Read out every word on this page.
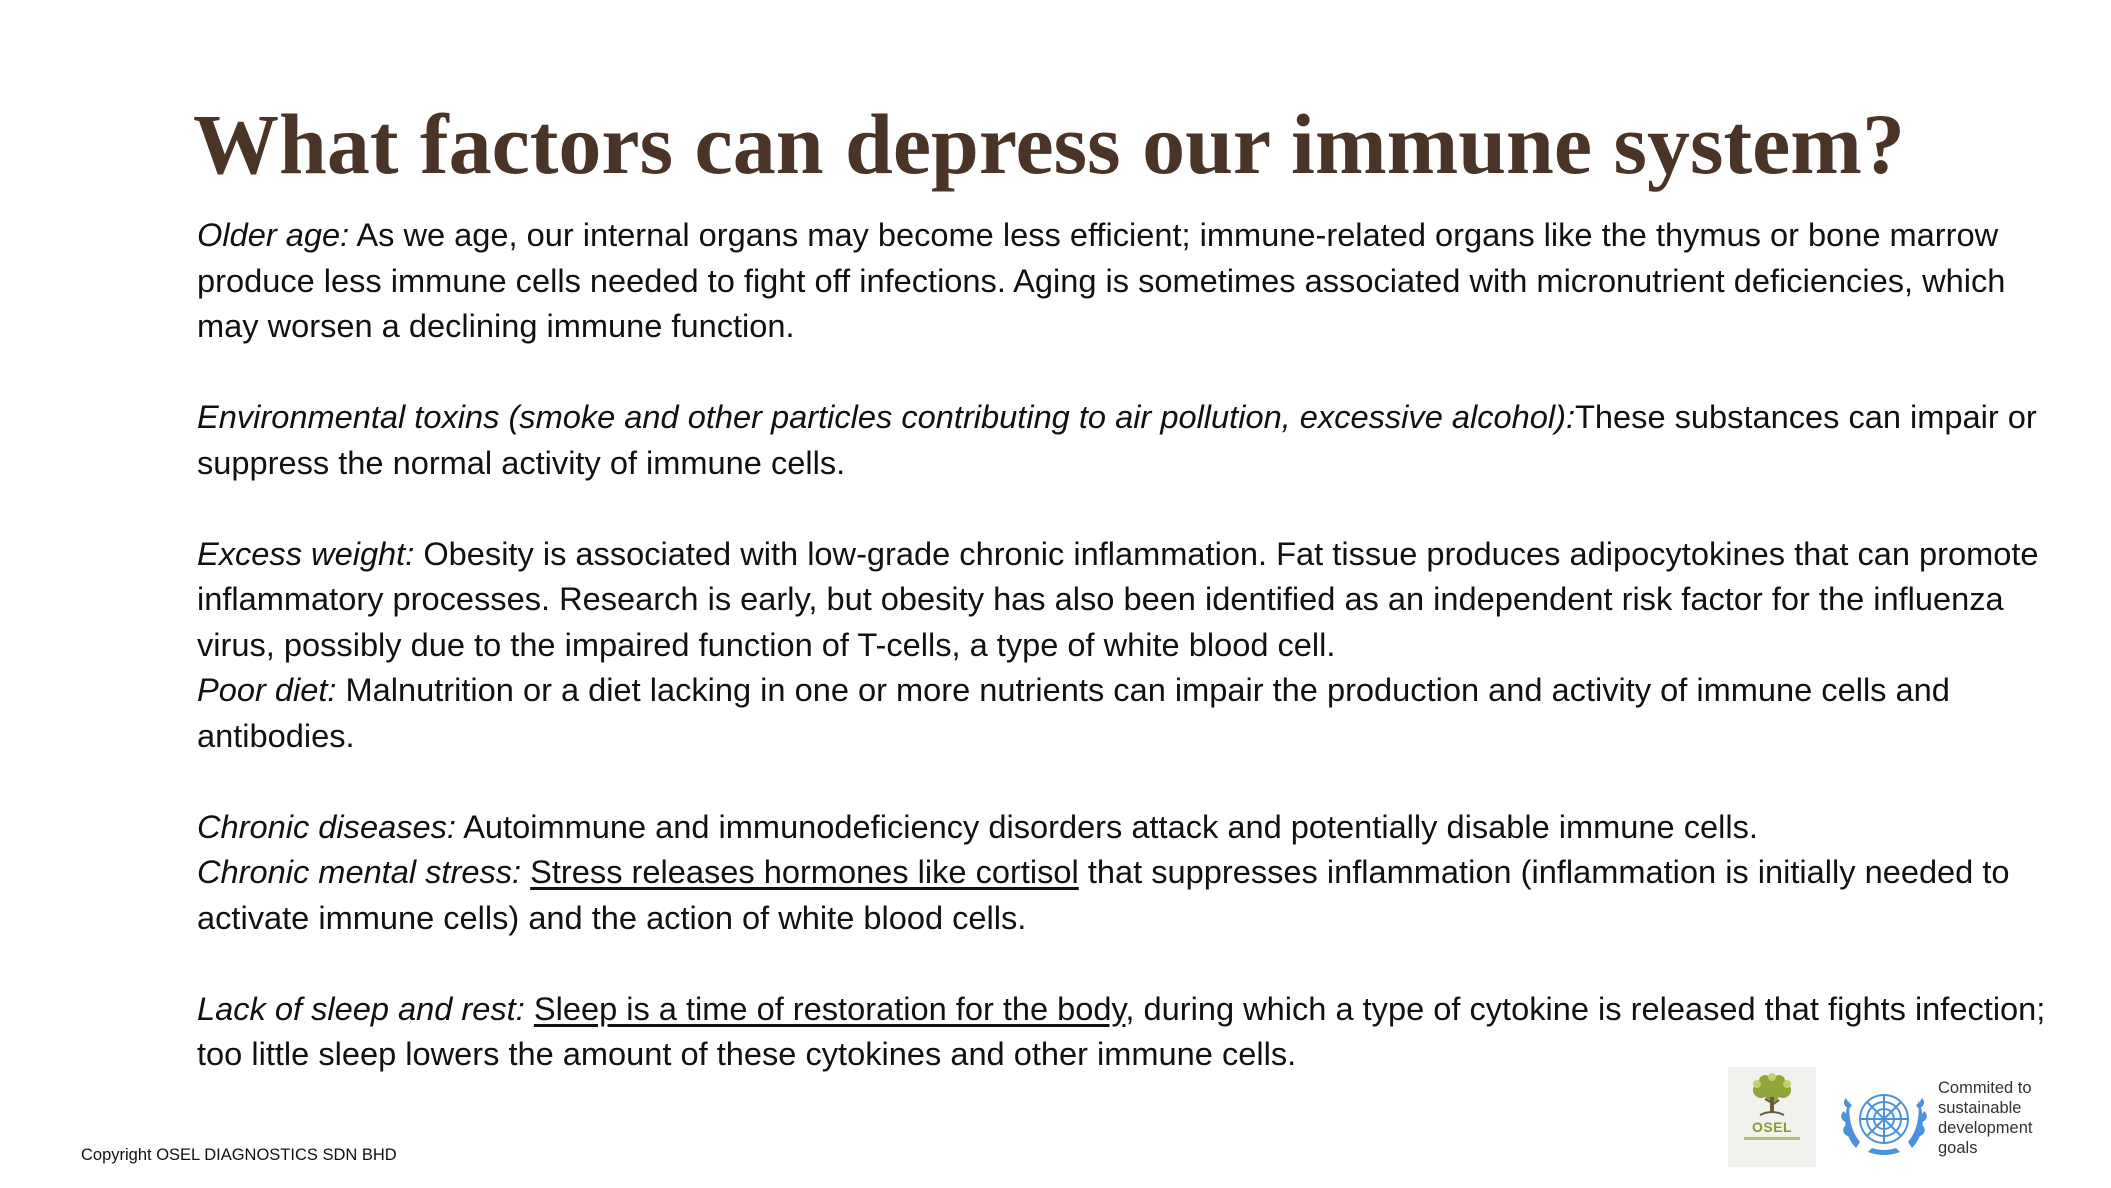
What factors can depress our immune system?

Older age: As we age, our internal organs may become less efficient; immune-related organs like the thymus or bone marrow produce less immune cells needed to fight off infections. Aging is sometimes associated with micronutrient deficiencies, which may worsen a declining immune function.

Environmental toxins (smoke and other particles contributing to air pollution, excessive alcohol):These substances can impair or suppress the normal activity of immune cells.

Excess weight: Obesity is associated with low-grade chronic inflammation. Fat tissue produces adipocytokines that can promote inflammatory processes. Research is early, but obesity has also been identified as an independent risk factor for the influenza virus, possibly due to the impaired function of T-cells, a type of white blood cell.

Poor diet: Malnutrition or a diet lacking in one or more nutrients can impair the production and activity of immune cells and antibodies.

Chronic diseases: Autoimmune and immunodeficiency disorders attack and potentially disable immune cells.

Chronic mental stress: Stress releases hormones like cortisol that suppresses inflammation (inflammation is initially needed to activate immune cells) and the action of white blood cells.

Lack of sleep and rest: Sleep is a time of restoration for the body, during which a type of cytokine is released that fights infection; too little sleep lowers the amount of these cytokines and other immune cells.

Copyright OSEL DIAGNOSTICS SDN BHD
OSEL
Commited to
sustainable
development
goals
